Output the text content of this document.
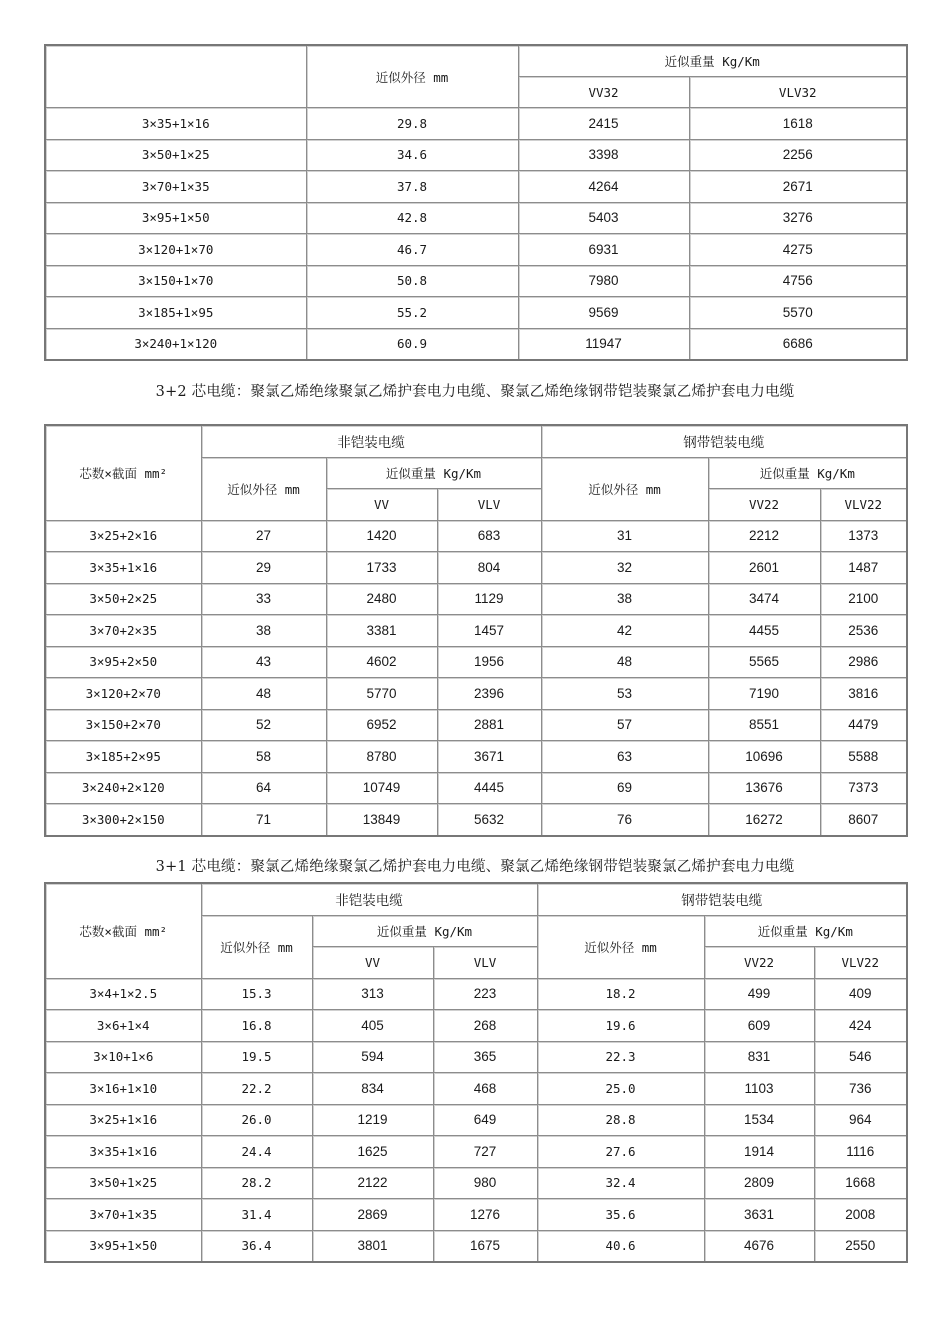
	近似外径 mm	近似重量 Kg/Km	
		VV32	VLV32
3×35+1×16	29.8	2415	1618
3×50+1×25	34.6	3398	2256
3×70+1×35	37.8	4264	2671
3×95+1×50	42.8	5403	3276
3×120+1×70	46.7	6931	4275
3×150+1×70	50.8	7980	4756
3×185+1×95	55.2	9569	5570
3×240+1×120	60.9	11947	6686
3+2 芯电缆：聚氯乙烯绝缘聚氯乙烯护套电力电缆、聚氯乙烯绝缘钢带铠装聚氯乙烯护套电力电缆
芯数×截面 mm²	非铠装电缆			钢带铠装电缆		
	近似外径 mm	近似重量 Kg/Km		近似外径 mm	近似重量 Kg/Km	
		VV	VLV		VV22	VLV22
3×25+2×16	27	1420	683	31	2212	1373
3×35+1×16	29	1733	804	32	2601	1487
3×50+2×25	33	2480	1129	38	3474	2100
3×70+2×35	38	3381	1457	42	4455	2536
3×95+2×50	43	4602	1956	48	5565	2986
3×120+2×70	48	5770	2396	53	7190	3816
3×150+2×70	52	6952	2881	57	8551	4479
3×185+2×95	58	8780	3671	63	10696	5588
3×240+2×120	64	10749	4445	69	13676	7373
3×300+2×150	71	13849	5632	76	16272	8607
3+1 芯电缆：聚氯乙烯绝缘聚氯乙烯护套电力电缆、聚氯乙烯绝缘钢带铠装聚氯乙烯护套电力电缆
芯数×截面 mm²	非铠装电缆			钢带铠装电缆		
	近似外径 mm	近似重量 Kg/Km		近似外径 mm	近似重量 Kg/Km	
		VV	VLV		VV22	VLV22
3×4+1×2.5	15.3	313	223	18.2	499	409
3×6+1×4	16.8	405	268	19.6	609	424
3×10+1×6	19.5	594	365	22.3	831	546
3×16+1×10	22.2	834	468	25.0	1103	736
3×25+1×16	26.0	1219	649	28.8	1534	964
3×35+1×16	24.4	1625	727	27.6	1914	1116
3×50+1×25	28.2	2122	980	32.4	2809	1668
3×70+1×35	31.4	2869	1276	35.6	3631	2008
3×95+1×50	36.4	3801	1675	40.6	4676	2550
